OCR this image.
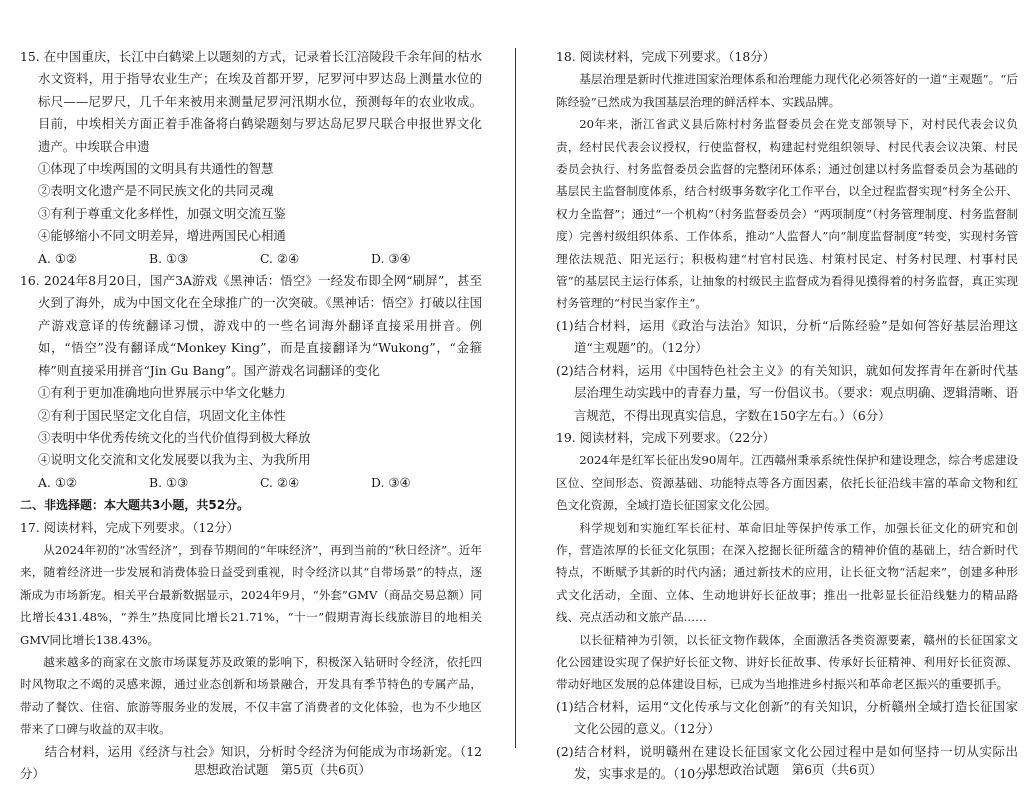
15. 在中国重庆，长江中白鹤梁上以题刻的方式，记录着长江涪陵段千余年间的枯水水文资料，用于指导农业生产；在埃及首都开罗，尼罗河中罗达岛上测量水位的标尺——尼罗尺，几千年来被用来测量尼罗河汛期水位，预测每年的农业收成。目前，中埃相关方面正着手准备将白鹤梁题刻与罗达岛尼罗尺联合申报世界文化遗产。中埃联合申遗

①体现了中埃两国的文明具有共通性的智慧

②表明文化遗产是不同民族文化的共同灵魂

③有利于尊重文化多样性，加强文明交流互鉴

④能够缩小不同文明差异，增进两国民心相通

A. ①②	B. ①③	C. ②④	D. ③④

16. 2024年8月20日，国产3A游戏《黑神话：悟空》一经发布即全网“刷屏”，甚至火到了海外，成为中国文化在全球推广的一次突破。《黑神话：悟空》打破以往国产游戏意译的传统翻译习惯，游戏中的一些名词海外翻译直接采用拼音。例如，“悟空”没有翻译成“Monkey King”，而是直接翻译为“Wukong”，“金箍棒”则直接采用拼音“Jin Gu Bang”。国产游戏名词翻译的变化

①有利于更加准确地向世界展示中华文化魅力

②有利于国民坚定文化自信，巩固文化主体性

③表明中华优秀传统文化的当代价值得到极大释放

④说明文化交流和文化发展要以我为主、为我所用

A. ①②	B. ①③	C. ②④	D. ③④

二、非选择题：本大题共3小题，共52分。

17. 阅读材料，完成下列要求。（12分）

从2024年初的“冰雪经济”，到春节期间的“年味经济”，再到当前的“秋日经济”。近年来，随着经济进一步发展和消费体验日益受到重视，时令经济以其“自带场景”的特点，逐渐成为市场新宠。相关平台最新数据显示，2024年9月，“外套”GMV（商品交易总额）同比增长431.48%，“养生”热度同比增长21.71%，“十一”假期青海长线旅游目的地相关GMV同比增长138.43%。

越来越多的商家在文旅市场谋复苏及政策的影响下，积极深入钻研时令经济，依托四时风物取之不竭的灵感来源，通过业态创新和场景融合，开发具有季节特色的专属产品，带动了餐饮、住宿、旅游等服务业的发展，不仅丰富了消费者的文化体验，也为不少地区带来了口碑与收益的双丰收。

结合材料，运用《经济与社会》知识，分析时令经济为何能成为市场新宠。（12分）

18. 阅读材料，完成下列要求。（18分）

基层治理是新时代推进国家治理体系和治理能力现代化必须答好的一道“主观题”。“后陈经验”已然成为我国基层治理的鲜活样本、实践品牌。

20年来，浙江省武义县后陈村村务监督委员会在党支部领导下，对村民代表会议负责，经村民代表会议授权，行使监督权，构建起村党组织领导、村民代表会议决策、村民委员会执行、村务监督委员会监督的完整闭环体系；通过创建以村务监督委员会为基础的基层民主监督制度体系，结合村级事务数字化工作平台，以全过程监督实现“村务全公开、权力全监督”；通过“一个机构”（村务监督委员会）“两项制度”（村务管理制度、村务监督制度）完善村级组织体系、工作体系，推动“人监督人”向“制度监督制度”转变，实现村务管理依法规范、阳光运行；积极构建“村官村民选、村策村民定、村务村民理、村事村民管”的基层民主运行体系，让抽象的村级民主监督成为看得见摸得着的村务监督，真正实现村务管理的“村民当家作主”。

(1)结合材料，运用《政治与法治》知识，分析“后陈经验”是如何答好基层治理这道“主观题”的。（12分）

(2)结合材料，运用《中国特色社会主义》的有关知识，就如何发挥青年在新时代基层治理生动实践中的青春力量，写一份倡议书。（要求：观点明确、逻辑清晰、语言规范，不得出现真实信息，字数在150字左右。）（6分）

19. 阅读材料，完成下列要求。（22分）

2024年是红军长征出发90周年。江西赣州秉承系统性保护和建设理念，综合考虑建设区位、空间形态、资源基础、功能特点等各方面因素，依托长征沿线丰富的革命文物和红色文化资源，全域打造长征国家文化公园。

科学规划和实施红军长征村、革命旧址等保护传承工作，加强长征文化的研究和创作，营造浓厚的长征文化氛围；在深入挖掘长征所蕴含的精神价值的基础上，结合新时代特点，不断赋予其新的时代内涵；通过新技术的应用，让长征文物“活起来”，创建多种形式文化活动，全面、立体、生动地讲好长征故事；推出一批彰显长征沿线魅力的精品路线、亮点活动和文旅产品……

以长征精神为引领，以长征文物作载体，全面激活各类资源要素，赣州的长征国家文化公园建设实现了保护好长征文物、讲好长征故事、传承好长征精神、利用好长征资源、带动好地区发展的总体建设目标，已成为当地推进乡村振兴和革命老区振兴的重要抓手。

(1)结合材料，运用“文化传承与文化创新”的有关知识，分析赣州全域打造长征国家文化公园的意义。（12分）

(2)结合材料，说明赣州在建设长征国家文化公园过程中是如何坚持一切从实际出发，实事求是的。（10分）

思想政治试题　第5页（共6页）	思想政治试题　第6页（共6页）
